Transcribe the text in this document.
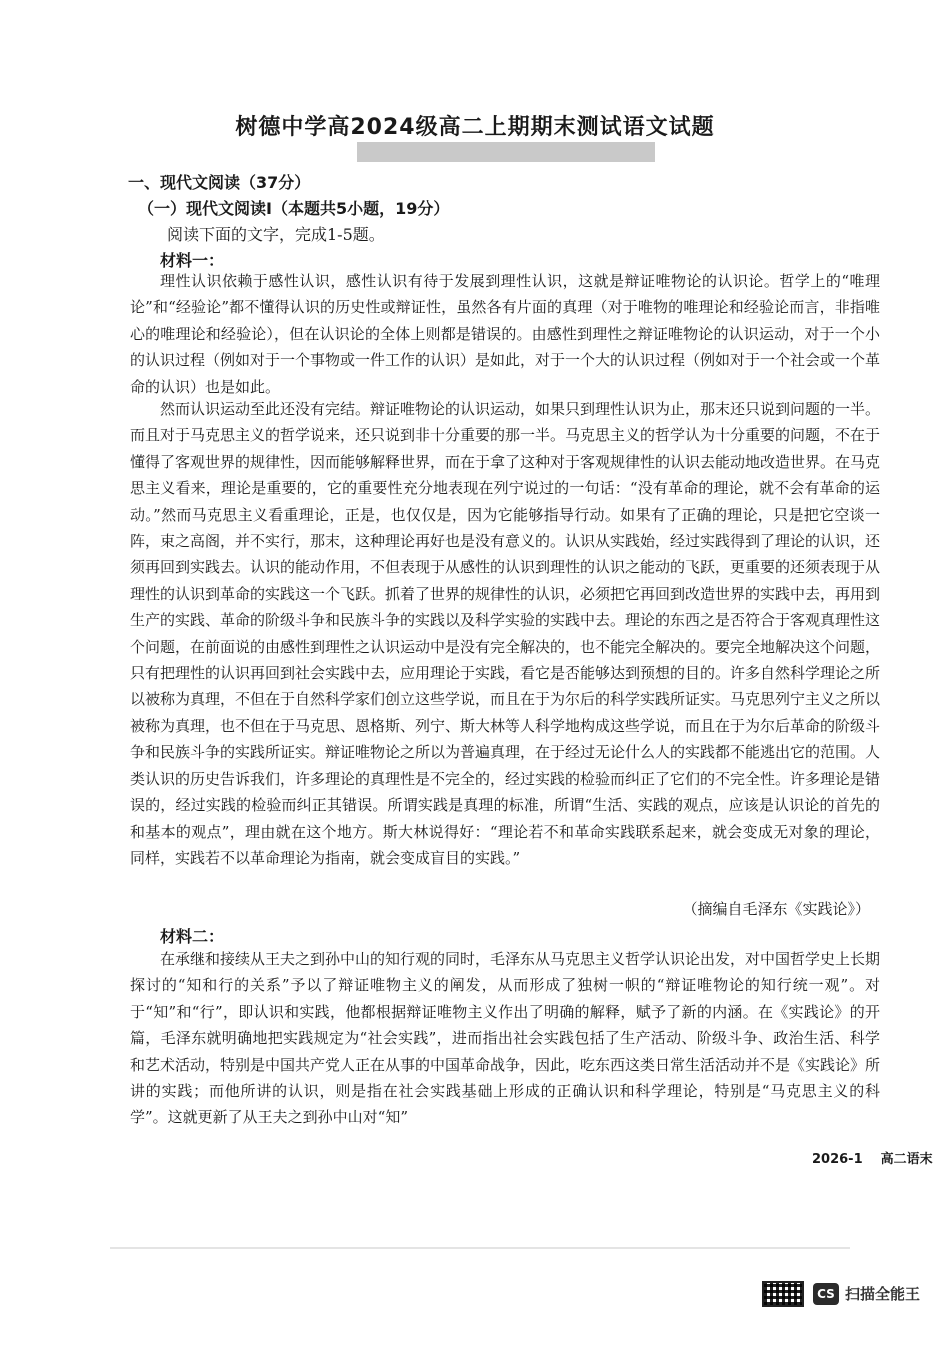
树德中学高2024级高二上期期末测试语文试题
一、现代文阅读（37分）
（一）现代文阅读Ⅰ（本题共5小题，19分）
阅读下面的文字，完成1-5题。
材料一：

理性认识依赖于感性认识，感性认识有待于发展到理性认识，这就是辩证唯物论的认识论。哲学上的“唯理论”和“经验论”都不懂得认识的历史性或辩证性，虽然各有片面的真理（对于唯物的唯理论和经验论而言，非指唯心的唯理论和经验论），但在认识论的全体上则都是错误的。由感性到理性之辩证唯物论的认识运动，对于一个小的认识过程（例如对于一个事物或一件工作的认识）是如此，对于一个大的认识过程（例如对于一个社会或一个革命的认识）也是如此。

然而认识运动至此还没有完结。辩证唯物论的认识运动，如果只到理性认识为止，那末还只说到问题的一半。而且对于马克思主义的哲学说来，还只说到非十分重要的那一半。马克思主义的哲学认为十分重要的问题，不在于懂得了客观世界的规律性，因而能够解释世界，而在于拿了这种对于客观规律性的认识去能动地改造世界。在马克思主义看来，理论是重要的，它的重要性充分地表现在列宁说过的一句话：“没有革命的理论，就不会有革命的运动。”然而马克思主义看重理论，正是，也仅仅是，因为它能够指导行动。如果有了正确的理论，只是把它空谈一阵，束之高阁，并不实行，那末，这种理论再好也是没有意义的。认识从实践始，经过实践得到了理论的认识，还须再回到实践去。认识的能动作用，不但表现于从感性的认识到理性的认识之能动的飞跃，更重要的还须表现于从理性的认识到革命的实践这一个飞跃。抓着了世界的规律性的认识，必须把它再回到改造世界的实践中去，再用到生产的实践、革命的阶级斗争和民族斗争的实践以及科学实验的实践中去。理论的东西之是否符合于客观真理性这个问题，在前面说的由感性到理性之认识运动中是没有完全解决的，也不能完全解决的。要完全地解决这个问题，只有把理性的认识再回到社会实践中去，应用理论于实践，看它是否能够达到预想的目的。许多自然科学理论之所以被称为真理，不但在于自然科学家们创立这些学说，而且在于为尔后的科学实践所证实。马克思列宁主义之所以被称为真理，也不但在于马克思、恩格斯、列宁、斯大林等人科学地构成这些学说，而且在于为尔后革命的阶级斗争和民族斗争的实践所证实。辩证唯物论之所以为普遍真理，在于经过无论什么人的实践都不能逃出它的范围。人类认识的历史告诉我们，许多理论的真理性是不完全的，经过实践的检验而纠正了它们的不完全性。许多理论是错误的，经过实践的检验而纠正其错误。所谓实践是真理的标准，所谓“生活、实践的观点，应该是认识论的首先的和基本的观点”，理由就在这个地方。斯大林说得好：“理论若不和革命实践联系起来，就会变成无对象的理论，同样，实践若不以革命理论为指南，就会变成盲目的实践。”

（摘编自毛泽东《实践论》）
材料二：

在承继和接续从王夫之到孙中山的知行观的同时，毛泽东从马克思主义哲学认识论出发，对中国哲学史上长期探讨的“知和行的关系”予以了辩证唯物主义的阐发，从而形成了独树一帜的“辩证唯物论的知行统一观”。对于“知”和“行”，即认识和实践，他都根据辩证唯物主义作出了明确的解释，赋予了新的内涵。在《实践论》的开篇，毛泽东就明确地把实践规定为“社会实践”，进而指出社会实践包括了生产活动、阶级斗争、政治生活、科学和艺术活动，特别是中国共产党人正在从事的中国革命战争，因此，吃东西这类日常生活活动并不是《实践论》所讲的实践；而他所讲的认识，则是指在社会实践基础上形成的正确认识和科学理论，特别是“马克思主义的科学”。这就更新了从王夫之到孙中山对“知”

2026-1 高二语末
CS 扫描全能王
